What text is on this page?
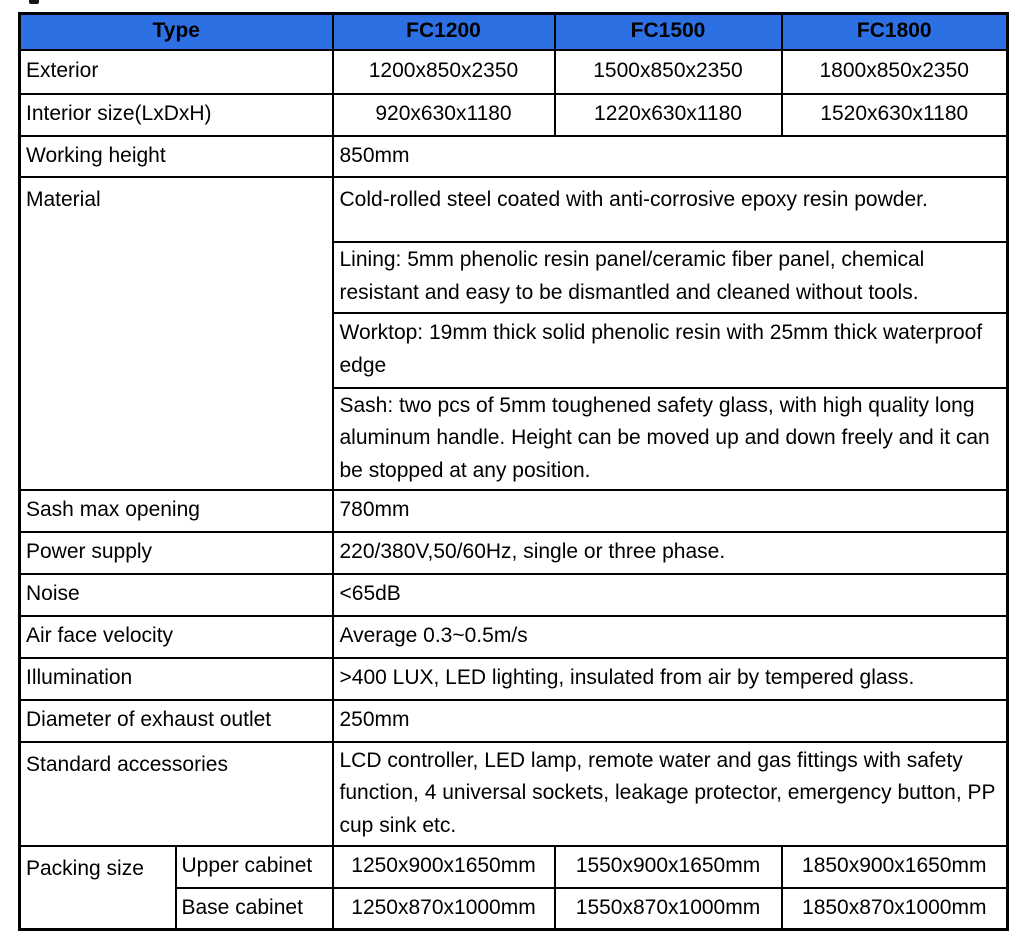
Type		FC1200	FC1500	FC1800
Exterior		1200x850x2350	1500x850x2350	1800x850x2350
Interior size(LxDxH)		920x630x1180	1220x630x1180	1520x630x1180
Working height		850mm		
Material		Cold-rolled steel coated with anti-corrosive epoxy resin powder.		
		Lining: 5mm phenolic resin panel/ceramic fiber panel, chemical resistant and easy to be dismantled and cleaned without tools.		
		Worktop: 19mm thick solid phenolic resin with 25mm thick waterproof edge		
		Sash: two pcs of 5mm toughened safety glass, with high quality long aluminum handle. Height can be moved up and down freely and it can be stopped at any position.		
Sash max opening		780mm		
Power supply		220/380V,50/60Hz, single or three phase.		
Noise		<65dB		
Air face velocity		Average 0.3~0.5m/s		
Illumination		>400 LUX, LED lighting, insulated from air by tempered glass.		
Diameter of exhaust outlet		250mm		
Standard accessories		LCD controller, LED lamp, remote water and gas fittings with safety function, 4 universal sockets, leakage protector, emergency button, PP cup sink etc.		
Packing size	Upper cabinet	1250x900x1650mm	1550x900x1650mm	1850x900x1650mm
	Base cabinet	1250x870x1000mm	1550x870x1000mm	1850x870x1000mm
